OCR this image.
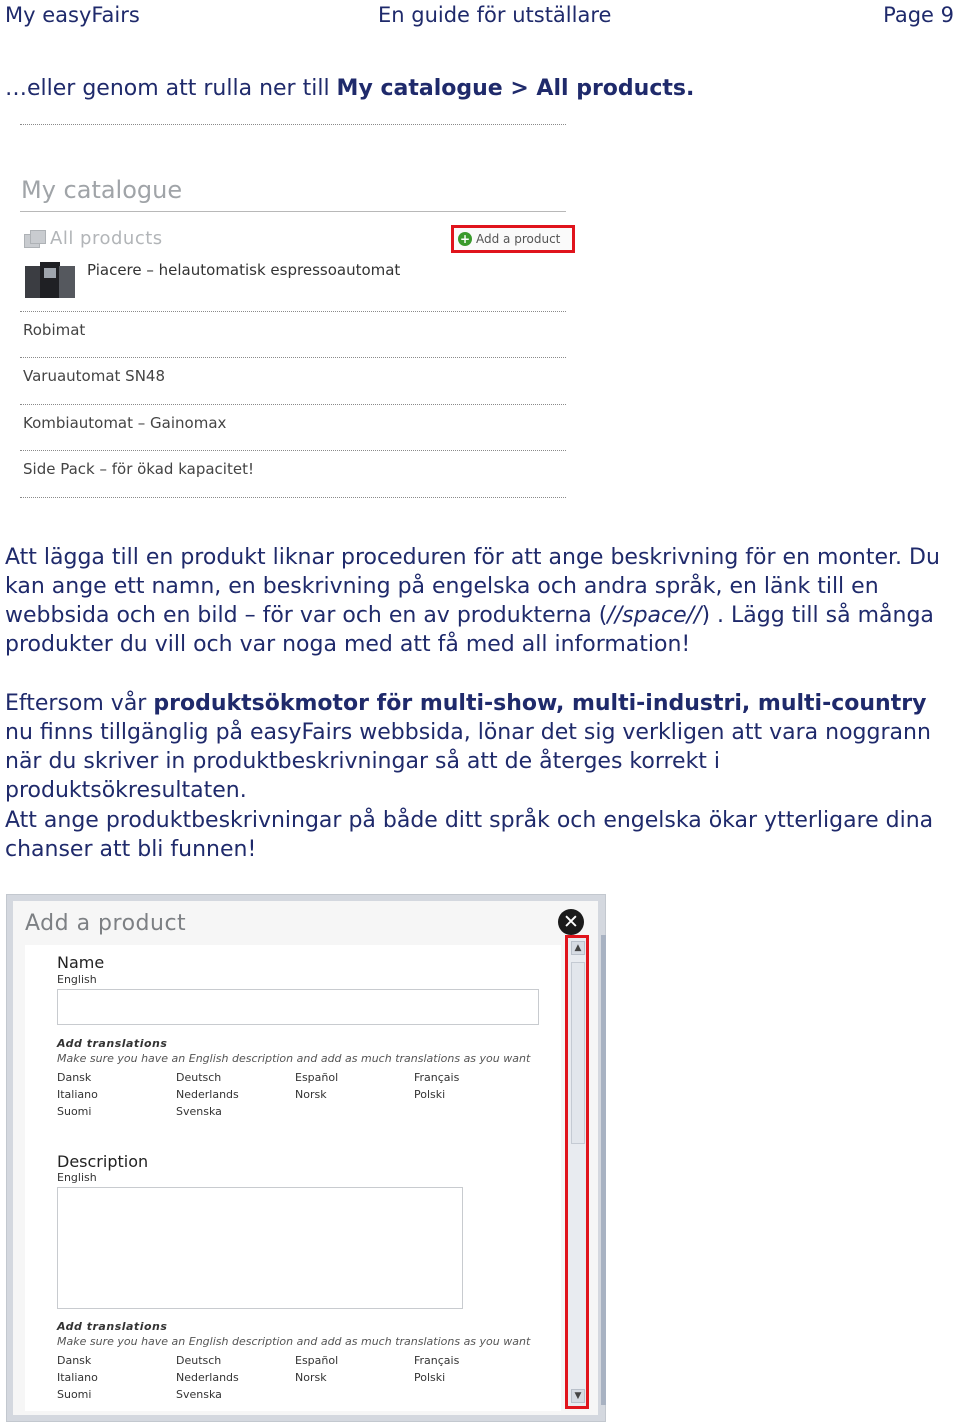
My easyFairs	En guide för utställare	Page 9
…eller genom att rulla ner till My catalogue > All products.
My catalogue
All products	+ Add a product
Piacere – helautomatisk espressoautomat
Robimat
Varuautomat SN48
Kombiautomat – Gainomax
Side Pack – för ökad kapacitet!
Att lägga till en produkt liknar proceduren för att ange beskrivning för en monter. Du kan ange ett namn, en beskrivning på engelska och andra språk, en länk till en webbsida och en bild – för var och en av produkterna (//space//) . Lägg till så många produkter du vill och var noga med att få med all information!
Eftersom vår produktsökmotor för multi-show, multi-industri, multi-country nu finns tillgänglig på easyFairs webbsida, lönar det sig verkligen att vara noggrann när du skriver in produktbeskrivningar så att de återges korrekt i produktsökresultaten.
Att ange produktbeskrivningar på både ditt språk och engelska ökar ytterligare dina chanser att bli funnen!
Add a product
Name
English
Add translations
Make sure you have an English description and add as much translations as you want
Dansk	Deutsch	Español	Français
Italiano	Nederlands	Norsk	Polski
Suomi	Svenska
Description
English
Add translations
Make sure you have an English description and add as much translations as you want
Dansk	Deutsch	Español	Français
Italiano	Nederlands	Norsk	Polski
Suomi	Svenska
✕
▲
▼
